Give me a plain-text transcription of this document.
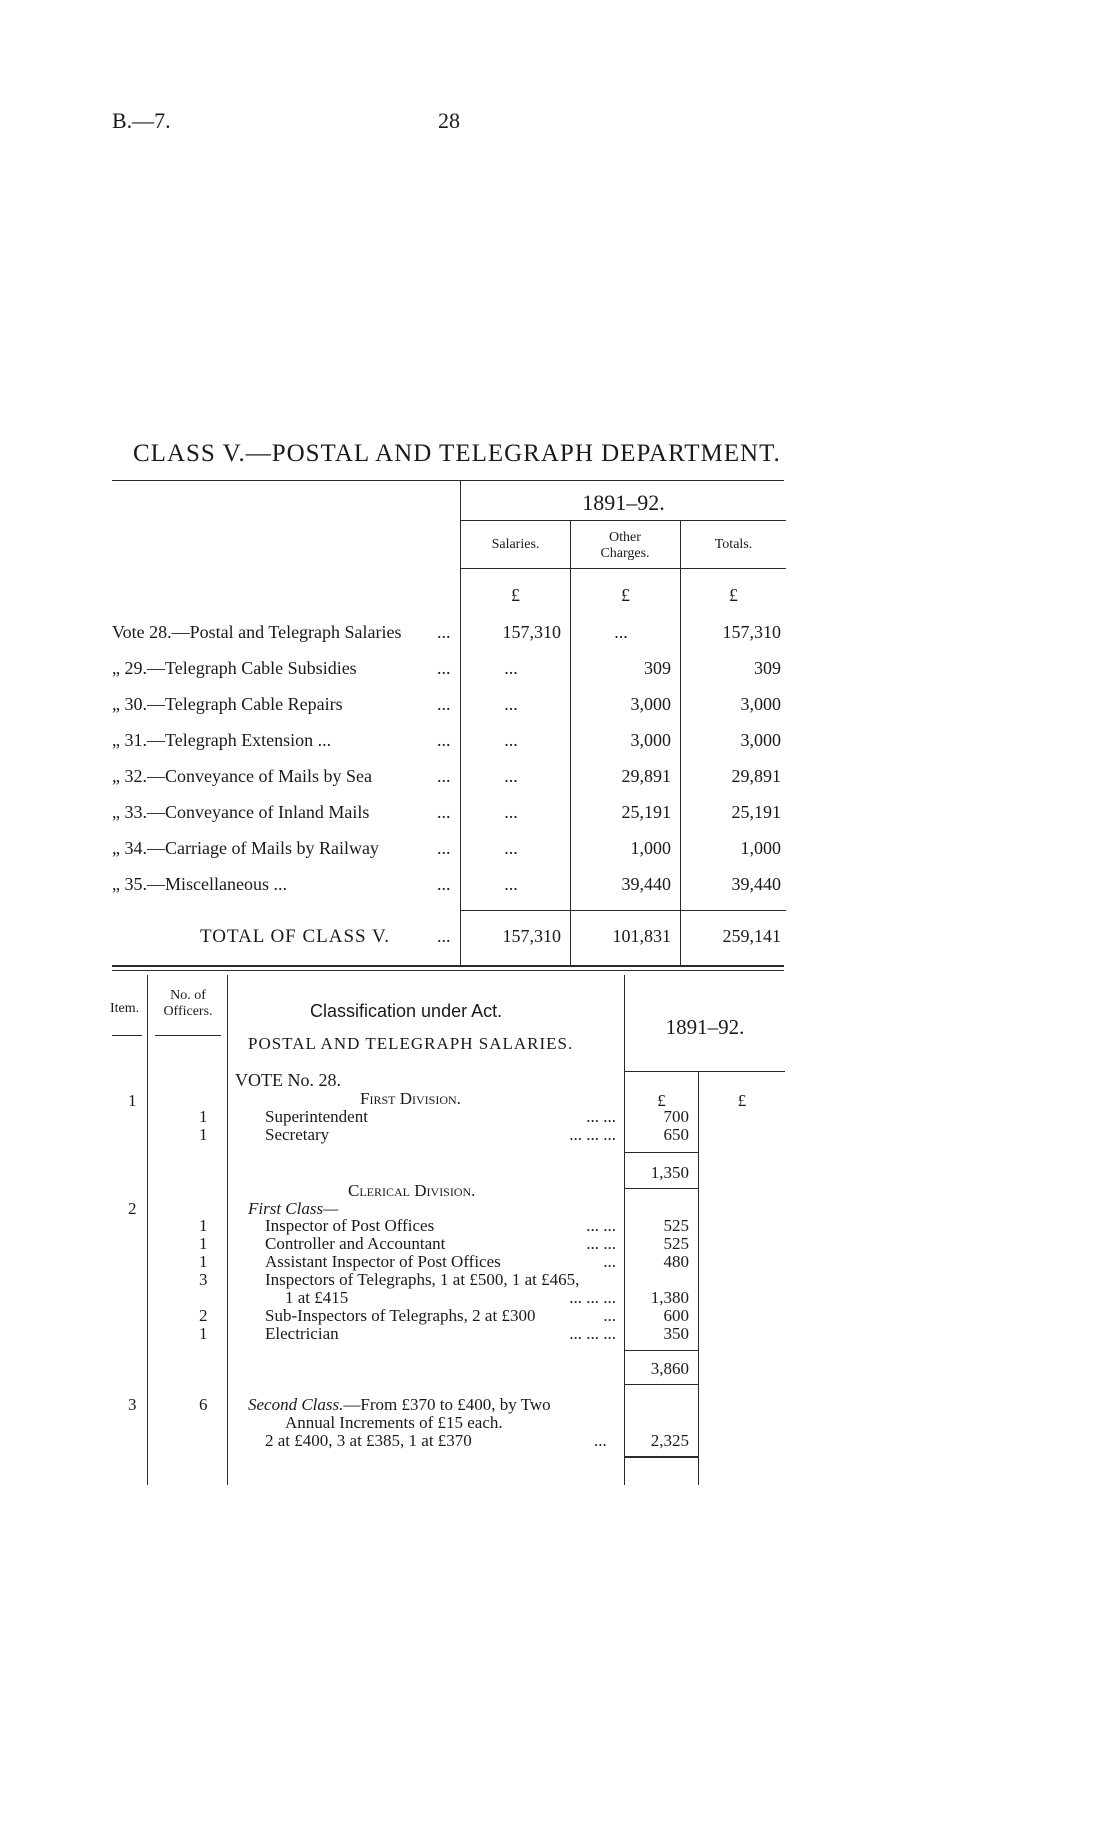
B.—7.	28
CLASS V.—POSTAL AND TELEGRAPH DEPARTMENT.
1891–92.
Salaries.	Other Charges.
Totals.
£	£	£
Vote 28.—Postal and Telegraph Salaries ...	157,310	...	157,310
„ 29.—Telegraph Cable Subsidies	...	...	309	309
„ 30.—Telegraph Cable Repairs	...	...	3,000	3,000
„ 31.—Telegraph Extension ...	...	...	3,000	3,000
„ 32.—Conveyance of Mails by Sea	...	...	29,891	29,891
„ 33.—Conveyance of Inland Mails	...	...	25,191	25,191
„ 34.—Carriage of Mails by Railway	...	...	1,000	1,000
„ 35.—Miscellaneous ...	...	...	39,440	39,440
TOTAL OF CLASS V.	...	157,310	101,831	259,141
Item.
No. of Officers.	Classification under Act.
1891–92.
POSTAL AND TELEGRAPH SALARIES.
VOTE No. 28.
1	First Division.	£	£
1	Superintendent	... ...	700
1	Secretary	... ... ...	650
1,350
Clerical Division.
2	First Class—
1	Inspector of Post Offices	... ...	525
1	Controller and Accountant	... ...	525
1	Assistant Inspector of Post Offices	...	480
3	Inspectors of Telegraphs, 1 at £500, 1 at £465,
1 at £415	... ... ...	1,380
2	Sub-Inspectors of Telegraphs, 2 at £300	...	600
1	Electrician	... ... ...	350
3,860
3	6 Second Class.—From £370 to £400, by Two
Annual Increments of £15 each.
2 at £400, 3 at £385, 1 at £370	...	2,325
